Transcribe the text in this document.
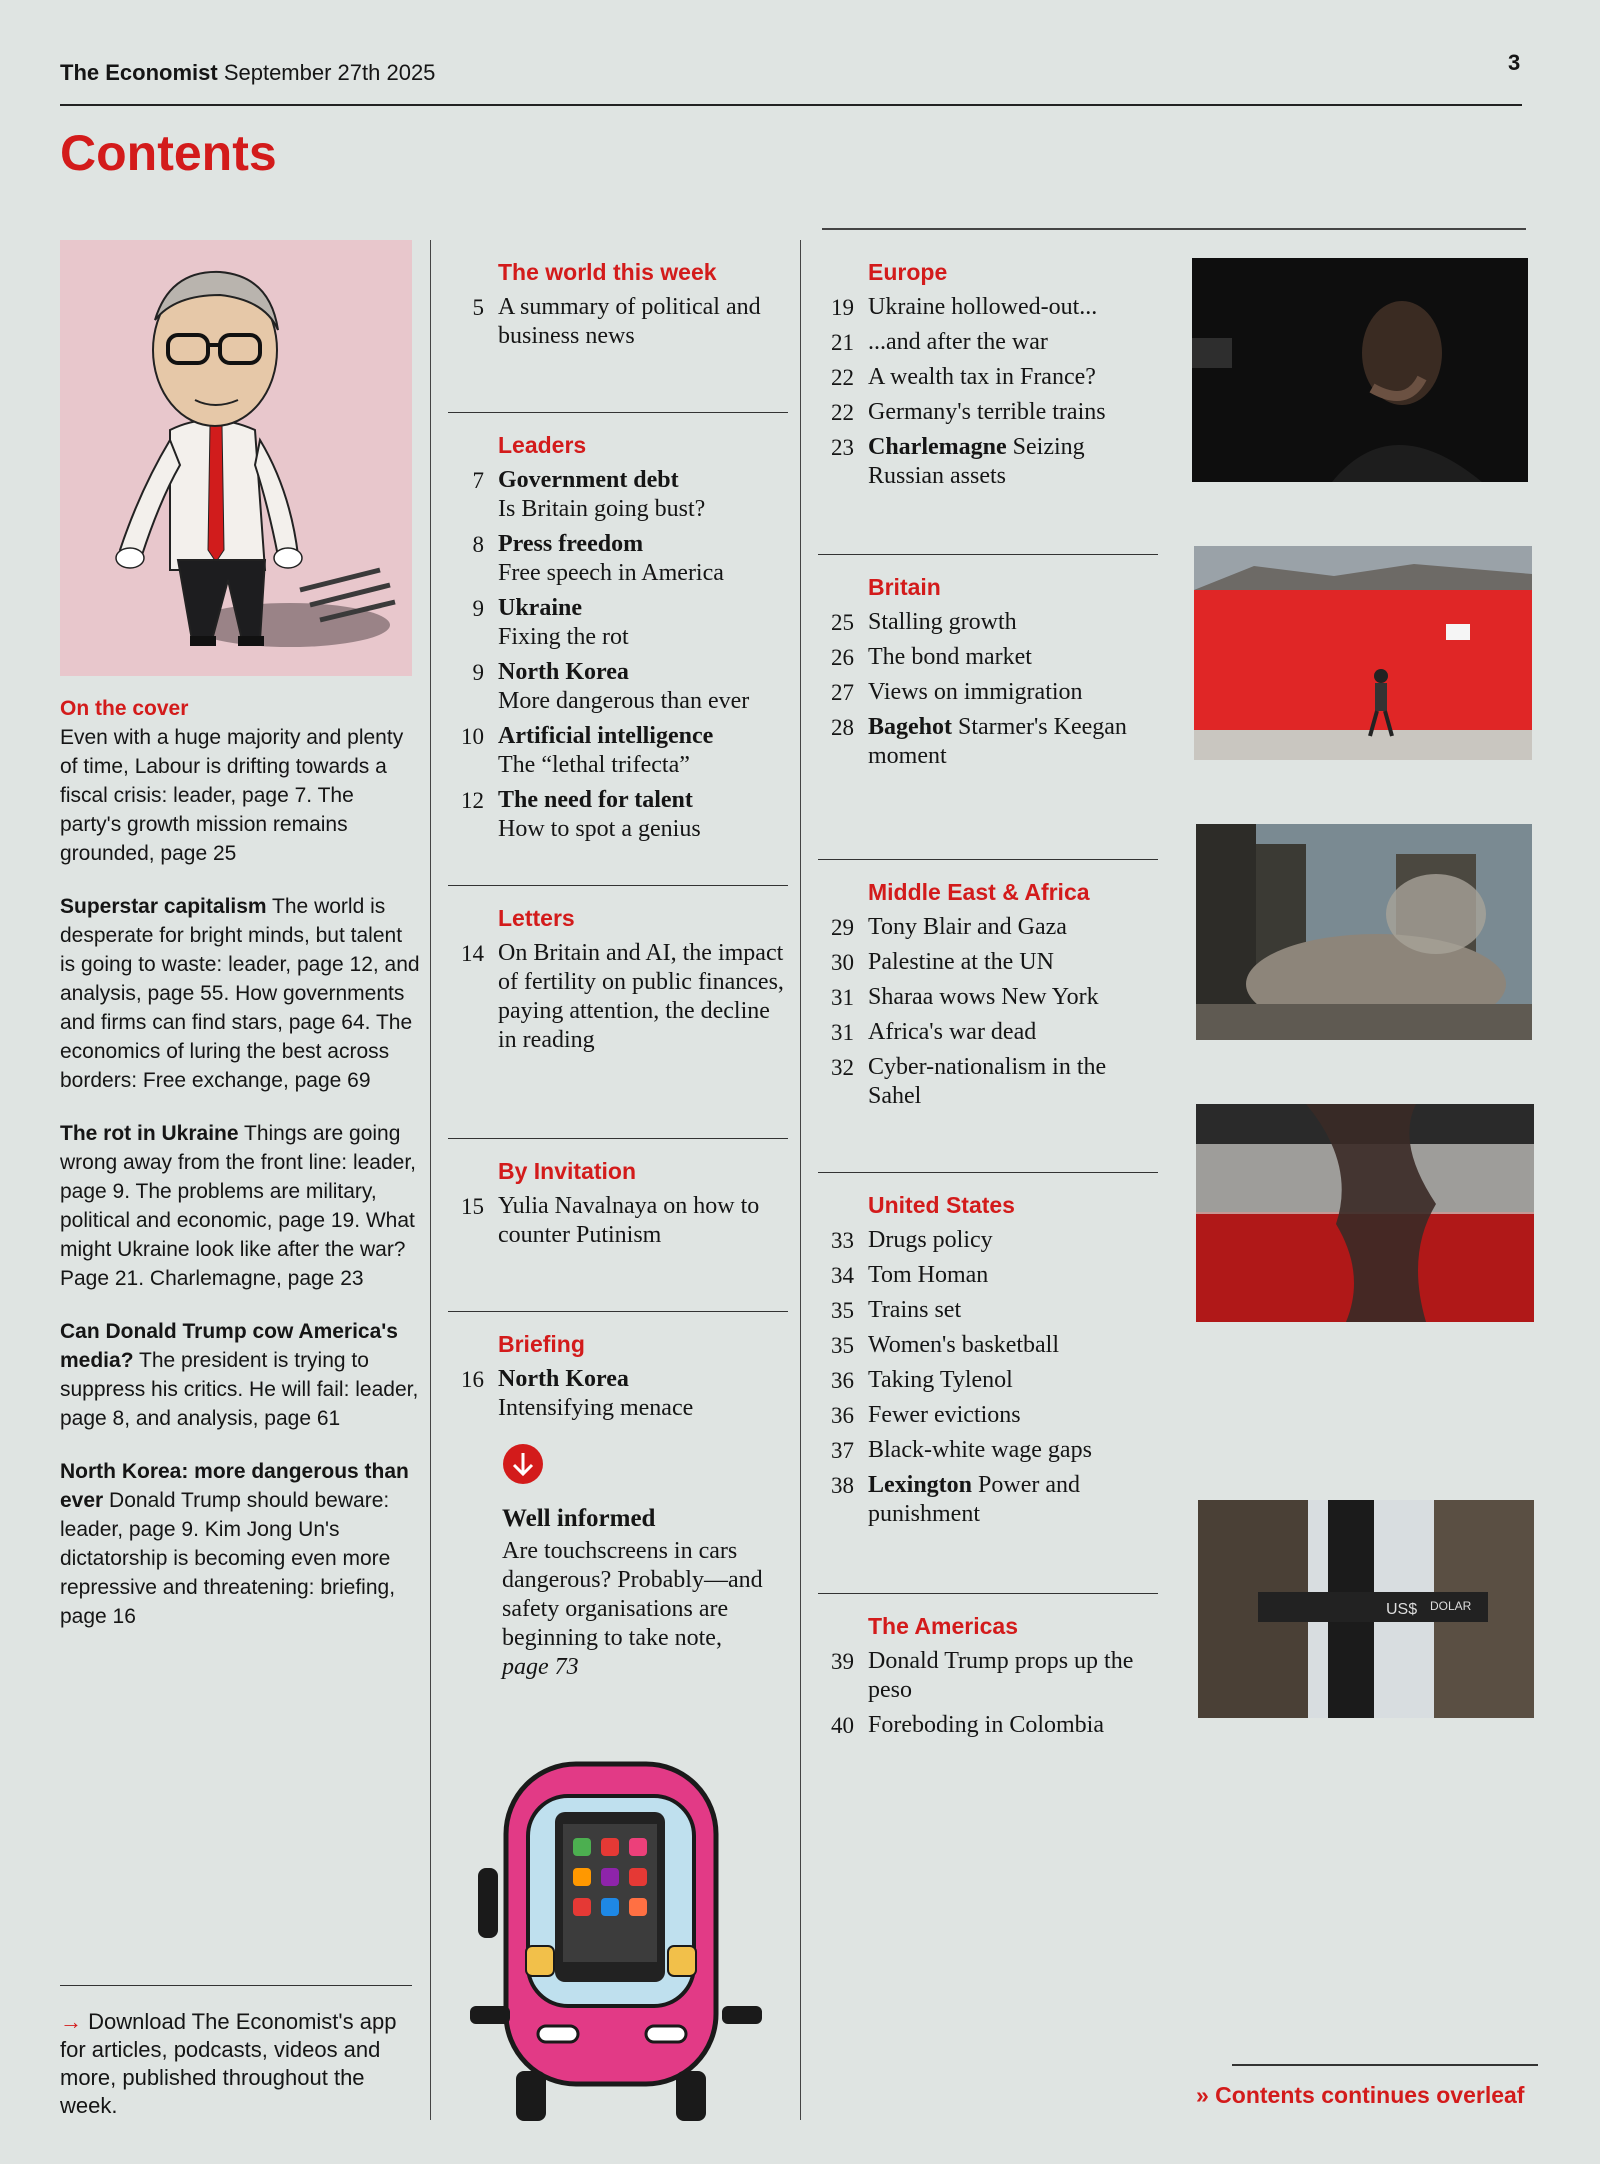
The Economist September 27th 2025	3
Contents
On the cover
Even with a huge majority and plenty of time, Labour is drifting towards a fiscal crisis: leader, page 7. The party's growth mission remains grounded, page 25
Superstar capitalism The world is desperate for bright minds, but talent is going to waste: leader, page 12, and analysis, page 55. How governments and firms can find stars, page 64. The economics of luring the best across borders: Free exchange, page 69
The rot in Ukraine Things are going wrong away from the front line: leader, page 9. The problems are military, political and economic, page 19. What might Ukraine look like after the war? Page 21. Charlemagne, page 23
Can Donald Trump cow America's media? The president is trying to suppress his critics. He will fail: leader, page 8, and analysis, page 61
North Korea: more dangerous than ever Donald Trump should beware: leader, page 9. Kim Jong Un's dictatorship is becoming even more repressive and threatening: briefing, page 16
→ Download The Economist's app for articles, podcasts, videos and more, published throughout the week.
The world this week
5 A summary of political and business news
Leaders
7 Government debt
Is Britain going bust?
8 Press freedom
Free speech in America
9 Ukraine
Fixing the rot
9 North Korea
More dangerous than ever
10 Artificial intelligence
The “lethal trifecta”
12 The need for talent
How to spot a genius
Letters
14 On Britain and AI, the impact of fertility on public finances, paying attention, the decline in reading
By Invitation
15 Yulia Navalnaya on how to counter Putinism
Briefing
16 North Korea
Intensifying menace
Well informed
Are touchscreens in cars dangerous? Probably—and safety organisations are beginning to take note,
page 73
Europe
19 Ukraine hollowed-out...
21 ...and after the war
22 A wealth tax in France?
22 Germany's terrible trains
23 Charlemagne Seizing Russian assets
Britain
25 Stalling growth
26 The bond market
27 Views on immigration
28 Bagehot Starmer's Keegan moment
Middle East & Africa
29 Tony Blair and Gaza
30 Palestine at the UN
31 Sharaa wows New York
31 Africa's war dead
32 Cyber-nationalism in the Sahel
United States
33 Drugs policy
34 Tom Homan
35 Trains set
35 Women's basketball
36 Taking Tylenol
36 Fewer evictions
37 Black-white wage gaps
38 Lexington Power and punishment
The Americas
39 Donald Trump props up the peso
40 Foreboding in Colombia
US$ DOLAR
» Contents continues overleaf
